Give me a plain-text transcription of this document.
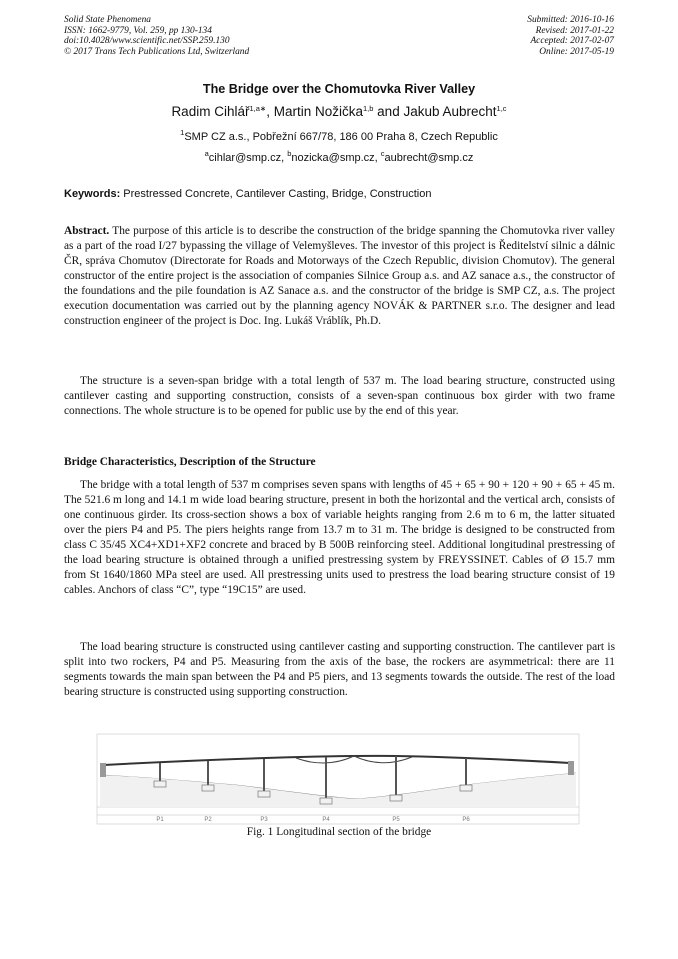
Solid State Phenomena
ISSN: 1662-9779, Vol. 259, pp 130-134
doi:10.4028/www.scientific.net/SSP.259.130
© 2017 Trans Tech Publications Ltd, Switzerland
Submitted: 2016-10-16
Revised: 2017-01-22
Accepted: 2017-02-07
Online: 2017-05-19
The Bridge over the Chomutovka River Valley
Radim Cihlář$^{1,a∗}$, Martin Nožička$^{1,b}$ and Jakub Aubrecht$^{1,c}$
$^1$SMP CZ a.s., Pobřežní 667/78, 186 00 Praha 8, Czech Republic
$^a$cihlar@smp.cz, $^b$nozicka@smp.cz, $^c$aubrecht@smp.cz
Keywords: Prestressed Concrete, Cantilever Casting, Bridge, Construction

Abstract. The purpose of this article is to describe the construction of the bridge spanning the Chomutovka river valley as a part of the road I/27 bypassing the village of Velemyšleves. The investor of this project is Ředitelství silnic a dálnic ČR, správa Chomutov (Directorate for Roads and Motorways of the Czech Republic, division Chomutov). The general constructor of the entire project is the association of companies Silnice Group a.s. and AZ sanace a.s., the constructor of the foundations and the pile foundation is AZ Sanace a.s. and the constructor of the bridge is SMP CZ, a.s. The project execution documentation was carried out by the planning agency NOVÁK & PARTNER s.r.o. The designer and lead construction engineer of the project is Doc. Ing. Lukáš Vráblík, Ph.D.

The structure is a seven-span bridge with a total length of 537 m. The load bearing structure, constructed using cantilever casting and supporting construction, consists of a seven-span continuous box girder with two frame connections. The whole structure is to be opened for public use by the end of this year.

Bridge Characteristics, Description of the Structure

The bridge with a total length of 537 m comprises seven spans with lengths of 45 + 65 + 90 + 120 + 90 + 65 + 45 m. The 521.6 m long and 14.1 m wide load bearing structure, present in both the horizontal and the vertical arch, consists of one continuous girder. Its cross-section shows a box of variable heights ranging from 2.6 m to 6 m, the latter situated over the piers P4 and P5. The piers heights range from 13.7 m to 31 m. The bridge is designed to be constructed from class C 35/45 XC4+XD1+XF2 concrete and braced by B 500B reinforcing steel. Additional longitudinal prestressing of the load bearing structure is obtained through a unified prestressing system by FREYSSINET. Cables of Ø 15.7 mm from St 1640/1860 MPa steel are used. All prestressing units used to prestress the load bearing structure consist of 19 cables. Anchors of class “C”, type “19C15” are used.

The load bearing structure is constructed using cantilever casting and supporting construction. The cantilever part is split into two rockers, P4 and P5. Measuring from the axis of the base, the rockers are asymmetrical: there are 11 segments towards the main span between the P4 and P5 piers, and 13 segments towards the outside. The rest of the load bearing structure is constructed using supporting construction.

P1	P2	P3	P4	P5	P6
Fig. 1 Longitudinal section of the bridge
